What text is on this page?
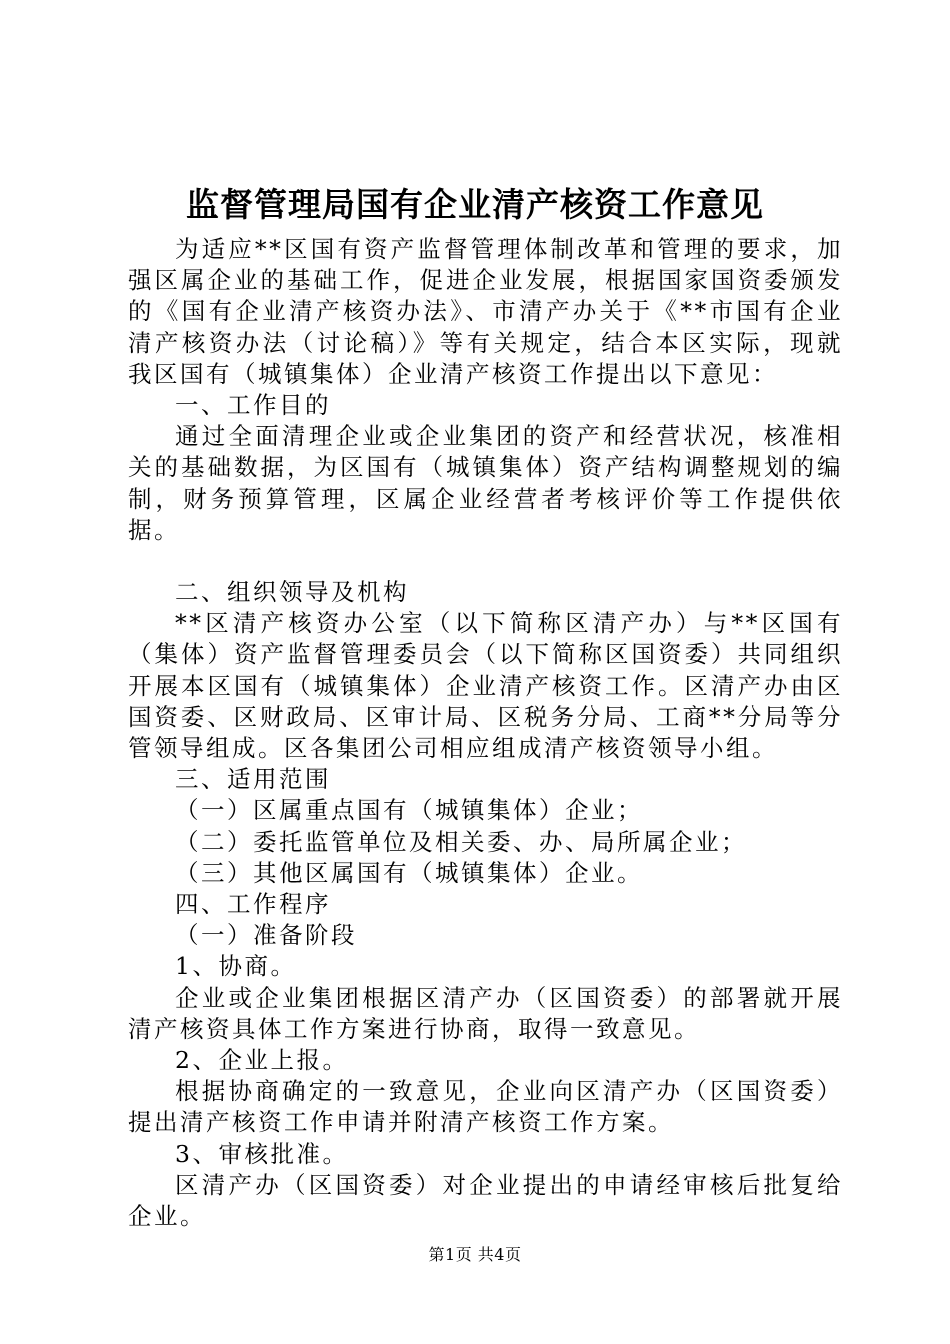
监督管理局国有企业清产核资工作意见

为适应**区国有资产监督管理体制改革和管理的要求，加强区属企业的基础工作，促进企业发展，根据国家国资委颁发的《国有企业清产核资办法》、市清产办关于《**市国有企业清产核资办法（讨论稿）》等有关规定，结合本区实际，现就我区国有（城镇集体）企业清产核资工作提出以下意见：

一、工作目的

通过全面清理企业或企业集团的资产和经营状况，核准相关的基础数据，为区国有（城镇集体）资产结构调整规划的编制，财务预算管理，区属企业经营者考核评价等工作提供依据。

二、组织领导及机构

**区清产核资办公室（以下简称区清产办）与**区国有（集体）资产监督管理委员会（以下简称区国资委）共同组织开展本区国有（城镇集体）企业清产核资工作。区清产办由区国资委、区财政局、区审计局、区税务分局、工商**分局等分管领导组成。区各集团公司相应组成清产核资领导小组。

三、适用范围

（一）区属重点国有（城镇集体）企业；

（二）委托监管单位及相关委、办、局所属企业；

（三）其他区属国有（城镇集体）企业。

四、工作程序

（一）准备阶段

1、协商。

企业或企业集团根据区清产办（区国资委）的部署就开展清产核资具体工作方案进行协商，取得一致意见。

2、企业上报。

根据协商确定的一致意见，企业向区清产办（区国资委）提出清产核资工作申请并附清产核资工作方案。

3、审核批准。

区清产办（区国资委）对企业提出的申请经审核后批复给企业。

第1页 共4页
